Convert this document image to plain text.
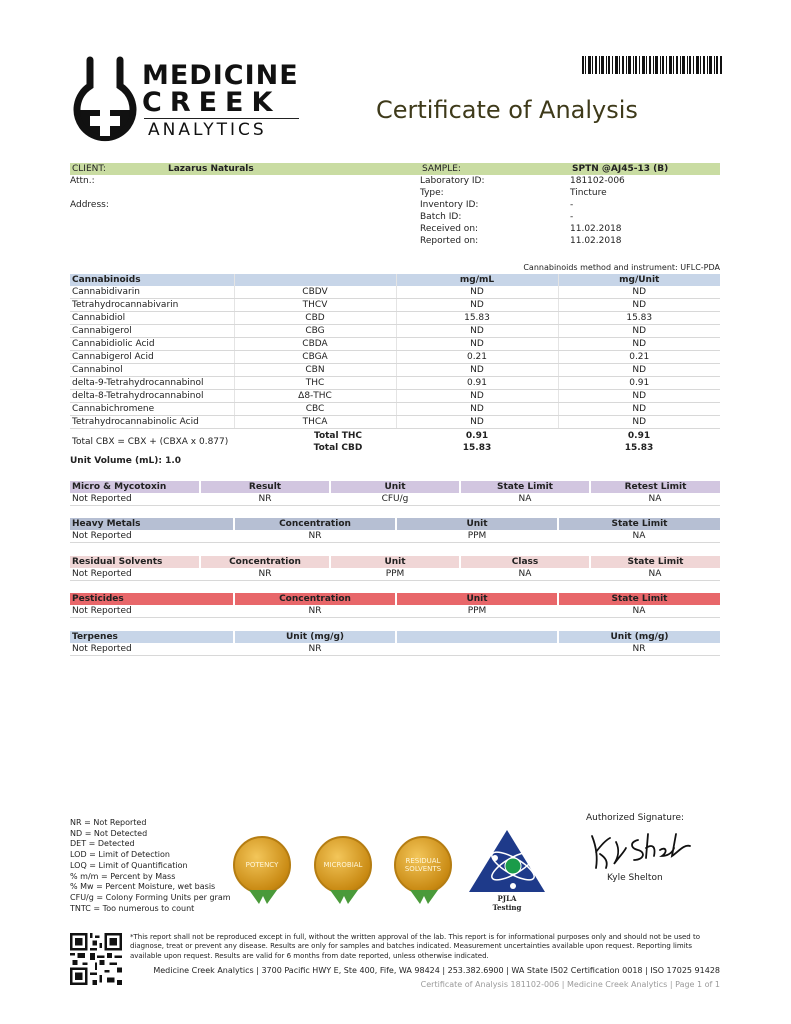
MEDICINE
CREEK
ANALYTICS
Certificate of Analysis
CLIENT:	Lazarus Naturals	SAMPLE:	SPTN @AJ45-13 (B)
Attn.:	Laboratory ID:	181102-006
Type:	Tincture
Address:	Inventory ID:	-
Batch ID:	-
Received on:	11.02.2018
Reported on:	11.02.2018
Cannabinoids method and instrument: UFLC-PDA
Cannabinoids		mg/mL	mg/Unit
Cannabidivarin	CBDV	ND	ND
Tetrahydrocannabivarin	THCV	ND	ND
Cannabidiol	CBD	15.83	15.83
Cannabigerol	CBG	ND	ND
Cannabidiolic Acid	CBDA	ND	ND
Cannabigerol Acid	CBGA	0.21	0.21
Cannabinol	CBN	ND	ND
delta-9-Tetrahydrocannabinol	THC	0.91	0.91
delta-8-Tetrahydrocannabinol	Δ8-THC	ND	ND
Cannabichromene	CBC	ND	ND
Tetrahydrocannabinolic Acid	THCA	ND	ND
Total CBX = CBX + (CBXA x 0.877)	Total THC	0.91	0.91
	Total CBD	15.83	15.83
Unit Volume (mL): 1.0
Micro & Mycotoxin	Result	Unit	State Limit	Retest Limit
Not Reported	NR	CFU/g	NA	NA
Heavy Metals	Concentration	Unit	State Limit
Not Reported	NR	PPM	NA
Residual Solvents	Concentration	Unit	Class	State Limit
Not Reported	NR	PPM	NA	NA
Pesticides	Concentration	Unit	State Limit
Not Reported	NR	PPM	NA
Terpenes	Unit (mg/g)		Unit (mg/g)
Not Reported	NR		NR
NR = Not Reported
ND = Not Detected
DET = Detected
LOD = Limit of Detection
LOQ = Limit of Quantification
% m/m = Percent by Mass
% Mw = Percent Moisture, wet basis
CFU/g = Colony Forming Units per gram
TNTC = Too numerous to count
POTENCY	MICROBIAL	RESIDUAL SOLVENTS
PJLA
Testing
Authorized Signature:
Kyle Shelton
*This report shall not be reproduced except in full, without the written approval of the lab. This report is for informational purposes only and should not be used to diagnose, treat or prevent any disease. Results are only for samples and batches indicated. Measurement uncertainties available upon request. Reporting limits available upon request. Results are valid for 6 months from date reported, unless otherwise indicated.
Medicine Creek Analytics | 3700 Pacific HWY E, Ste 400, Fife, WA 98424 | 253.382.6900 | WA State I502 Certification 0018 | ISO 17025 91428
Certificate of Analysis 181102-006 | Medicine Creek Analytics | Page 1 of 1
